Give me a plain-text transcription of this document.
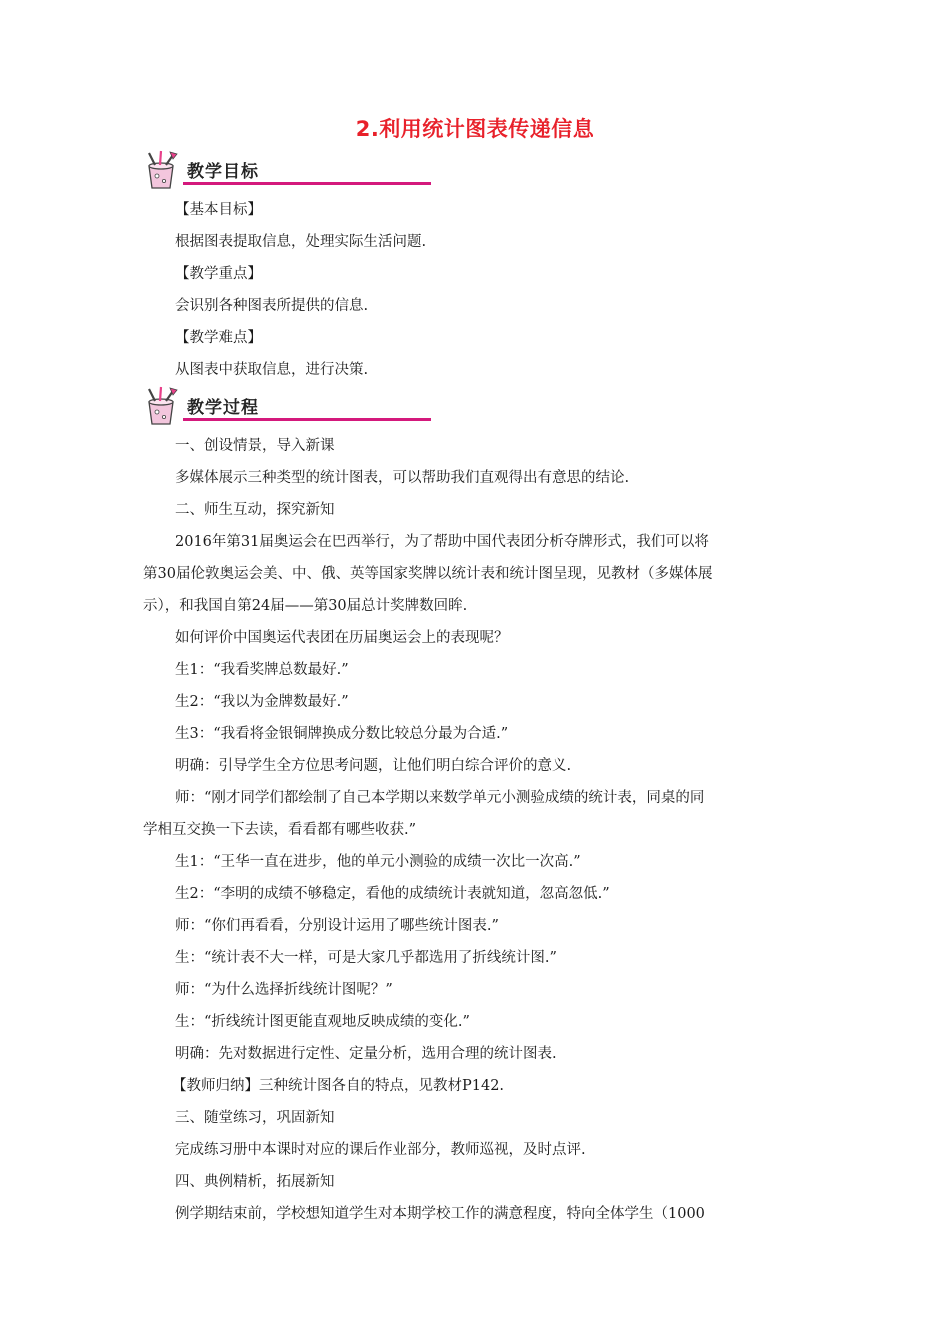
2.利用统计图表传递信息
教学目标
【基本目标】
根据图表提取信息，处理实际生活问题.
【教学重点】
会识别各种图表所提供的信息.
【教学难点】
从图表中获取信息，进行决策.
教学过程
一、创设情景，导入新课
多媒体展示三种类型的统计图表，可以帮助我们直观得出有意思的结论.
二、师生互动，探究新知
2016年第31届奥运会在巴西举行，为了帮助中国代表团分析夺牌形式，我们可以将
第30届伦敦奥运会美、中、俄、英等国家奖牌以统计表和统计图呈现，见教材（多媒体展
示），和我国自第24届——第30届总计奖牌数回眸.
如何评价中国奥运代表团在历届奥运会上的表现呢？
生1：“我看奖牌总数最好.”
生2：“我以为金牌数最好.”
生3：“我看将金银铜牌换成分数比较总分最为合适.”
明确：引导学生全方位思考问题，让他们明白综合评价的意义.
师：“刚才同学们都绘制了自己本学期以来数学单元小测验成绩的统计表，同桌的同
学相互交换一下去读，看看都有哪些收获.”
生1：“王华一直在进步，他的单元小测验的成绩一次比一次高.”
生2：“李明的成绩不够稳定，看他的成绩统计表就知道，忽高忽低.”
师：“你们再看看，分别设计运用了哪些统计图表.”
生：“统计表不大一样，可是大家几乎都选用了折线统计图.”
师：“为什么选择折线统计图呢？”
生：“折线统计图更能直观地反映成绩的变化.”
明确：先对数据进行定性、定量分析，选用合理的统计图表.
【教师归纳】三种统计图各自的特点，见教材P142.
三、随堂练习，巩固新知
完成练习册中本课时对应的课后作业部分，教师巡视，及时点评.
四、典例精析，拓展新知
例学期结束前，学校想知道学生对本期学校工作的满意程度，特向全体学生（1000
